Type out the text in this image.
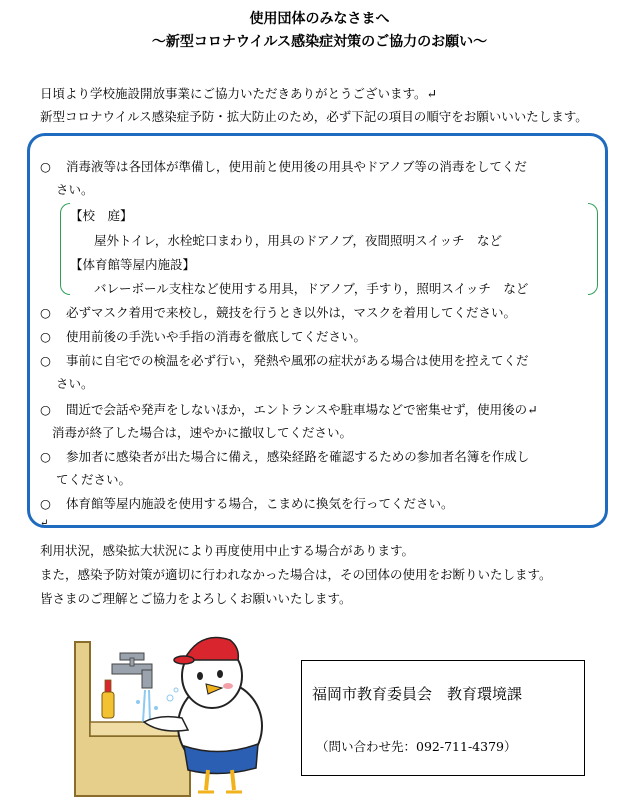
使用団体のみなさまへ
～新型コロナウイルス感染症対策のご協力のお願い～
日頃より学校施設開放事業にご協力いただきありがとうございます。↵
新型コロナウイルス感染症予防・拡大防止のため，必ず下記の項目の順守をお願いいいたします。
○ 消毒液等は各団体が準備し，使用前と使用後の用具やドアノブ等の消毒をしてくだ
さい。
【校　庭】
屋外トイレ，水栓蛇口まわり，用具のドアノブ，夜間照明スイッチ　など
【体育館等屋内施設】
バレーボール支柱など使用する用具，ドアノブ，手すり，照明スイッチ　など
○ 必ずマスク着用で来校し，競技を行うとき以外は，マスクを着用してください。
○ 使用前後の手洗いや手指の消毒を徹底してください。
○ 事前に自宅での検温を必ず行い，発熱や風邪の症状がある場合は使用を控えてくだ
さい。
○ 間近で会話や発声をしないほか，エントランスや駐車場などで密集せず，使用後の↵
消毒が終了した場合は，速やかに撤収してください。
○ 参加者に感染者が出た場合に備え，感染経路を確認するための参加者名簿を作成し
てください。
○ 体育館等屋内施設を使用する場合，こまめに換気を行ってください。
↵
利用状況，感染拡大状況により再度使用中止する場合があります。
また，感染予防対策が適切に行われなかった場合は，その団体の使用をお断りいたします。
皆さまのご理解とご協力をよろしくお願いいたします。
福岡市教育委員会　教育環境課
（問い合わせ先：092-711-4379）
